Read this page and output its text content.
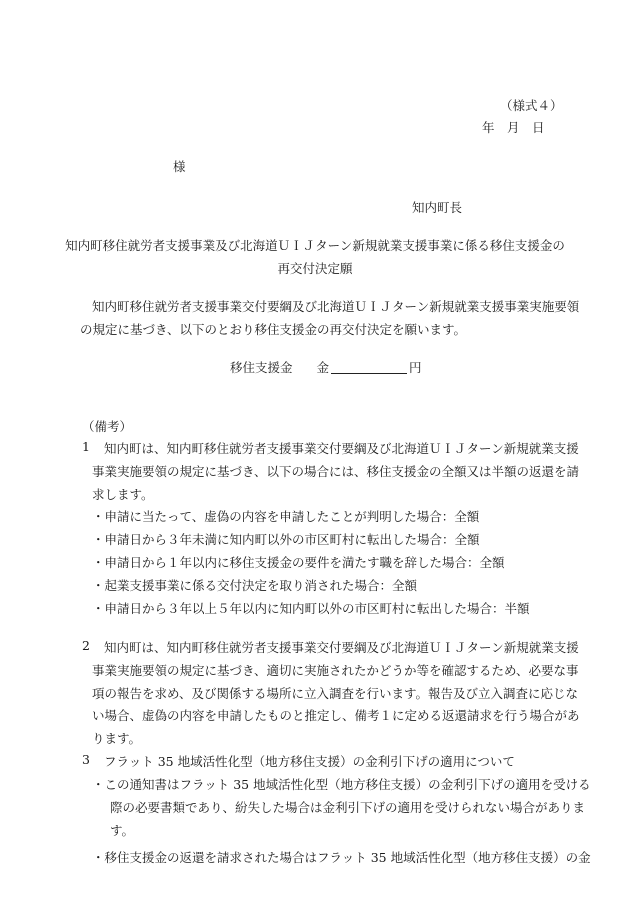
（様式４）
年　月　日
様
知内町長
知内町移住就労者支援事業及び北海道ＵＩＪターン新規就業支援事業に係る移住支援金の
再交付決定願
知内町移住就労者支援事業交付要綱及び北海道ＵＩＪターン新規就業支援事業実施要領
の規定に基づき、以下のとおり移住支援金の再交付決定を願います。
移住支援金 金	円
（備考）
1 知内町は、知内町移住就労者支援事業交付要綱及び北海道ＵＩＪターン新規就業支援
事業実施要領の規定に基づき、以下の場合には、移住支援金の全額又は半額の返還を請
求します。
・申請に当たって、虚偽の内容を申請したことが判明した場合：全額
・申請日から３年未満に知内町以外の市区町村に転出した場合：全額
・申請日から１年以内に移住支援金の要件を満たす職を辞した場合：全額
・起業支援事業に係る交付決定を取り消された場合：全額
・申請日から３年以上５年以内に知内町以外の市区町村に転出した場合：半額
2 知内町は、知内町移住就労者支援事業交付要綱及び北海道ＵＩＪターン新規就業支援
事業実施要領の規定に基づき、適切に実施されたかどうか等を確認するため、必要な事
項の報告を求め、及び関係する場所に立入調査を行います。報告及び立入調査に応じな
い場合、虚偽の内容を申請したものと推定し、備考１に定める返還請求を行う場合があ
ります。
3 フラット 35 地域活性化型（地方移住支援）の金利引下げの適用について
・この通知書はフラット 35 地域活性化型（地方移住支援）の金利引下げの適用を受ける
際の必要書類であり、紛失した場合は金利引下げの適用を受けられない場合がありま
す。
・移住支援金の返還を請求された場合はフラット 35 地域活性化型（地方移住支援）の金
